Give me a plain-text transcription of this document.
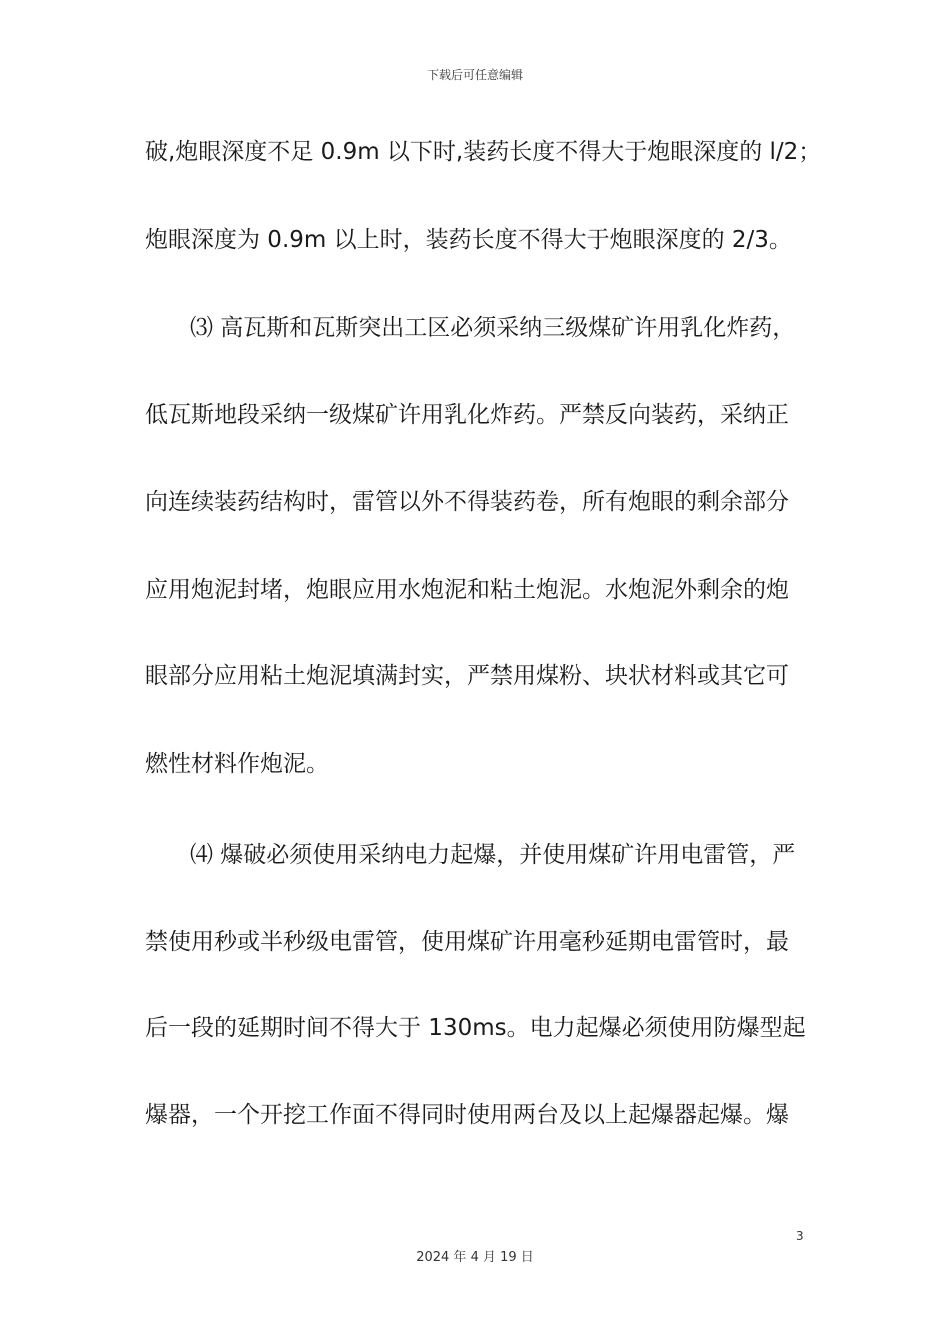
下载后可任意编辑
破,炮眼深度不足 0.9m 以下时,装药长度不得大于炮眼深度的 l/2；
炮眼深度为 0.9m 以上时，装药长度不得大于炮眼深度的 2/3。
⑶ 高瓦斯和瓦斯突出工区必须采纳三级煤矿许用乳化炸药，
低瓦斯地段采纳一级煤矿许用乳化炸药。严禁反向装药，采纳正
向连续装药结构时，雷管以外不得装药卷，所有炮眼的剩余部分
应用炮泥封堵，炮眼应用水炮泥和粘土炮泥。水炮泥外剩余的炮
眼部分应用粘土炮泥填满封实，严禁用煤粉、块状材料或其它可
燃性材料作炮泥。
⑷ 爆破必须使用采纳电力起爆，并使用煤矿许用电雷管，严
禁使用秒或半秒级电雷管，使用煤矿许用毫秒延期电雷管时，最
后一段的延期时间不得大于 130ms。电力起爆必须使用防爆型起
爆器，一个开挖工作面不得同时使用两台及以上起爆器起爆。爆
3
2024 年 4 月 19 日
